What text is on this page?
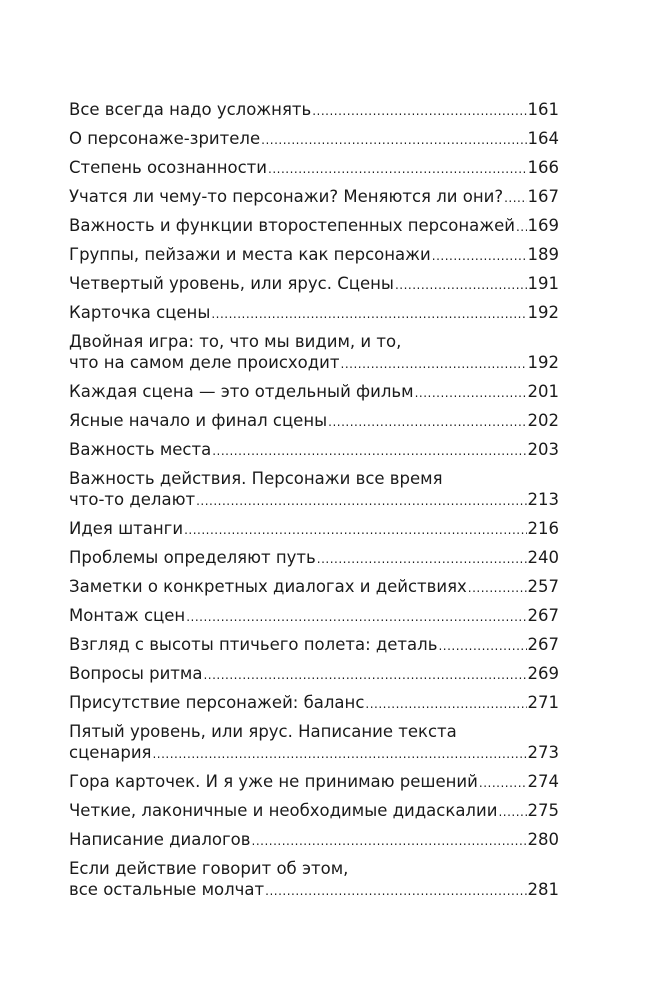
Все всегда надо усложнять .....	161
О персонаже-зрителе .....	164
Степень осознанности .....	166
Учатся ли чему-то персонажи? Меняются ли они? ..... 167
Важность и функции второстепенных персонажей ..... 169
Группы, пейзажи и места как персонажи .....	189
Четвертый уровень, или ярус. Сцены .....	191
Карточка сцены .....	192
Двойная игра: то, что мы видим, и то,
что на самом деле происходит .....	192
Каждая сцена — это отдельный фильм .....	201
Ясные начало и финал сцены .....	202
Важность места .....	203
Важность действия. Персонажи все время
что-то делают .....	213
Идея штанги .....	216
Проблемы определяют путь .....	240
Заметки о конкретных диалогах и действиях .....	257
Монтаж сцен .....	267
Взгляд с высоты птичьего полета: деталь .....	267
Вопросы ритма .....	269
Присутствие персонажей: баланс .....	271
Пятый уровень, или ярус. Написание текста
сценария .....	273
Гора карточек. И я уже не принимаю решений .....	274
Четкие, лаконичные и необходимые дидаскалии ..... 275
Написание диалогов .....	280
Если действие говорит об этом,
все остальные молчат .....	281
